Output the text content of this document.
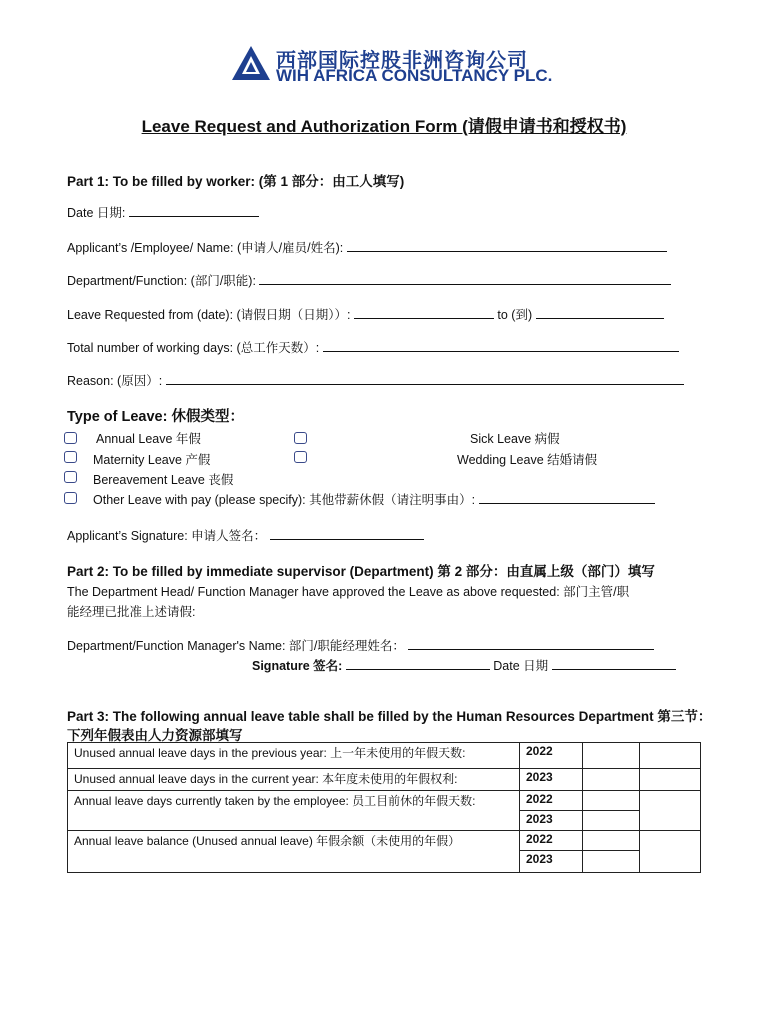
西部国际控股非洲咨询公司
WIH AFRICA CONSULTANCY PLC.
Leave Request and Authorization Form (请假申请书和授权书)
Part 1: To be filled by worker: (第 1 部分：由工人填写)
Date 日期:
Applicant’s /Employee/ Name: (申请人/雇员/姓名):
Department/Function: (部门/职能):
Leave Requested from (date): (请假日期（日期））:	to (到)
Total number of working days: (总工作天数）:
Reason: (原因）:
Type of Leave: 休假类型：
Annual Leave 年假	Sick Leave 病假
Maternity Leave 产假	Wedding Leave 结婚请假
Bereavement Leave 丧假
Other Leave with pay (please specify): 其他带薪休假（请注明事由）:
Applicant’s Signature: 申请人签名：
Part 2: To be filled by immediate supervisor (Department) 第 2 部分：由直属上级（部门）填写
The Department Head/ Function Manager have approved the Leave as above requested: 部门主管/职
能经理已批准上述请假:
Department/Function Manager's Name: 部门/职能经理姓名：
Signature 签名:	Date 日期
Part 3: The following annual leave table shall be filled by the Human Resources Department 第三节：
下列年假表由人力资源部填写
Unused annual leave days in the previous year: 上一年未使用的年假天数:	2022		
Unused annual leave days in the current year: 本年度未使用的年假权利:	2023		
Annual leave days currently taken by the employee: 员工目前休的年假天数:	2022		
	2023		
Annual leave balance (Unused annual leave) 年假余额（未使用的年假）	2022		
	2023		
